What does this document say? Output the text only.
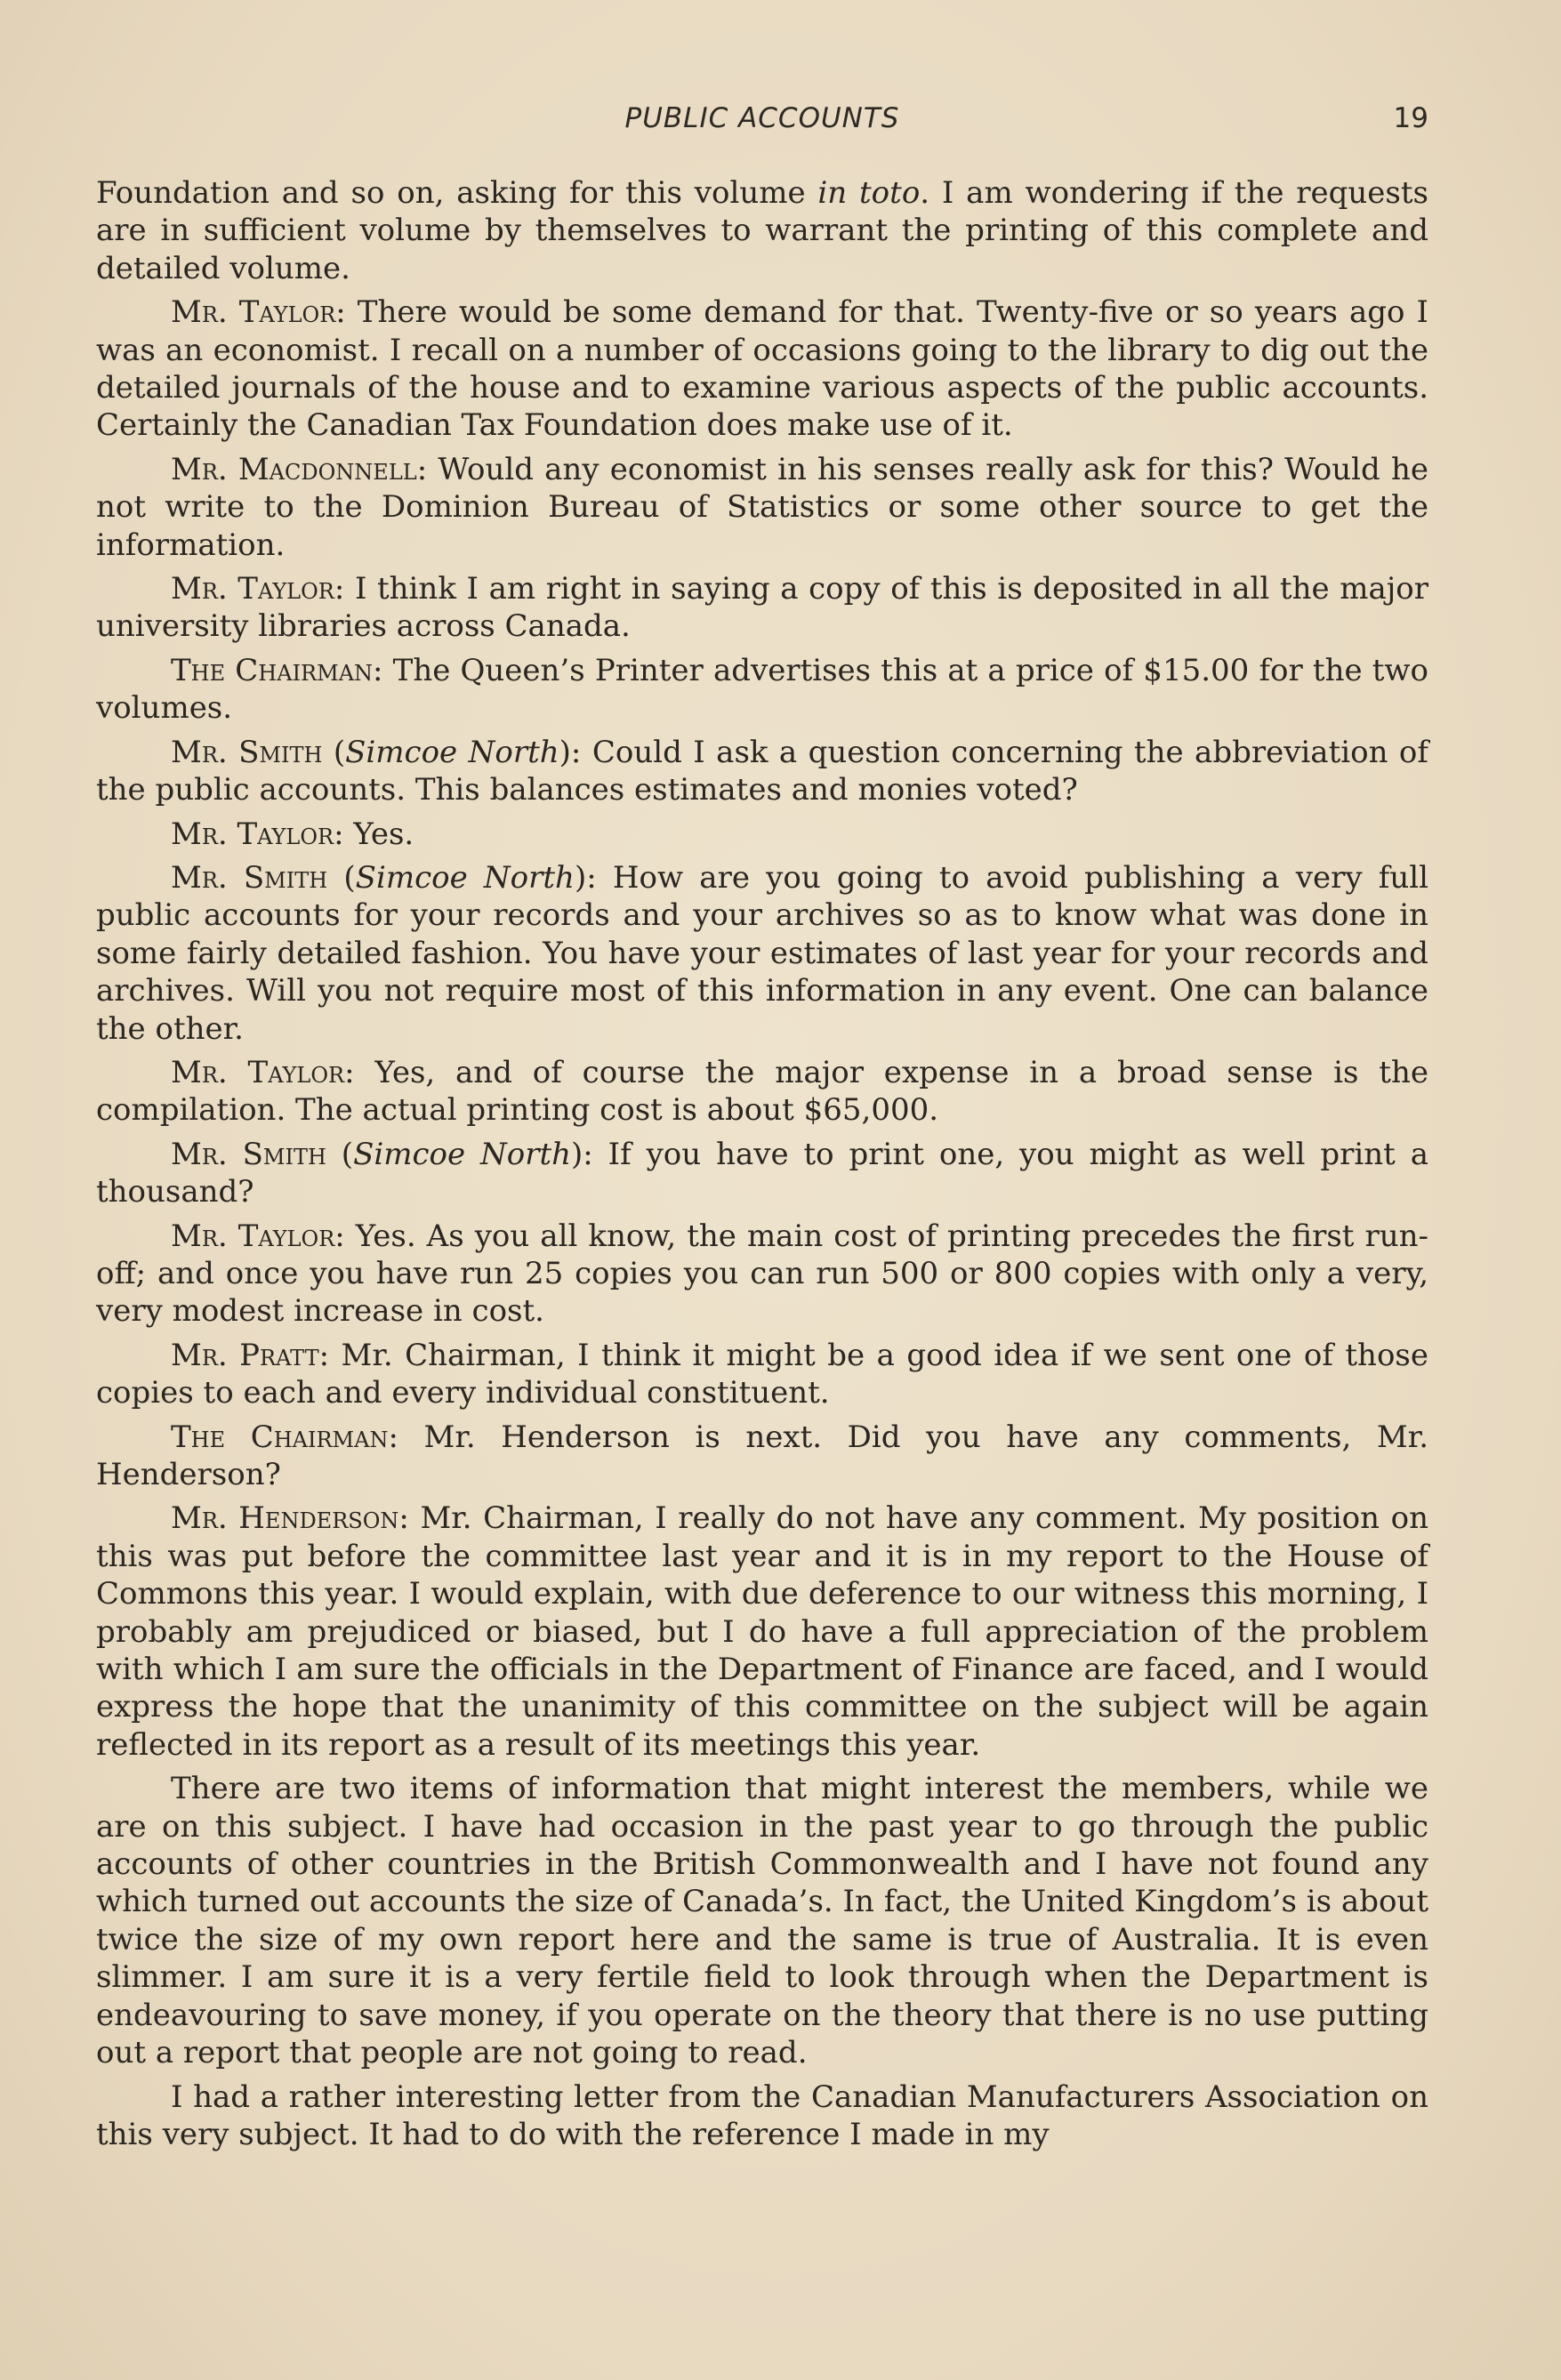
PUBLIC ACCOUNTS	19

Foundation and so on, asking for this volume in toto. I am wondering if the requests are in sufficient volume by themselves to warrant the printing of this complete and detailed volume.

Mr. Taylor: There would be some demand for that. Twenty-five or so years ago I was an economist. I recall on a number of occasions going to the library to dig out the detailed journals of the house and to examine various aspects of the public accounts. Certainly the Canadian Tax Foundation does make use of it.

Mr. Macdonnell: Would any economist in his senses really ask for this? Would he not write to the Dominion Bureau of Statistics or some other source to get the information.

Mr. Taylor: I think I am right in saying a copy of this is deposited in all the major university libraries across Canada.

The Chairman: The Queen’s Printer advertises this at a price of $15.00 for the two volumes.

Mr. Smith (Simcoe North): Could I ask a question concerning the abbreviation of the public accounts. This balances estimates and monies voted?

Mr. Taylor: Yes.

Mr. Smith (Simcoe North): How are you going to avoid publishing a very full public accounts for your records and your archives so as to know what was done in some fairly detailed fashion. You have your estimates of last year for your records and archives. Will you not require most of this information in any event. One can balance the other.

Mr. Taylor: Yes, and of course the major expense in a broad sense is the compilation. The actual printing cost is about $65,000.

Mr. Smith (Simcoe North): If you have to print one, you might as well print a thousand?

Mr. Taylor: Yes. As you all know, the main cost of printing precedes the first run-off; and once you have run 25 copies you can run 500 or 800 copies with only a very, very modest increase in cost.

Mr. Pratt: Mr. Chairman, I think it might be a good idea if we sent one of those copies to each and every individual constituent.

The Chairman: Mr. Henderson is next. Did you have any comments, Mr. Henderson?

Mr. Henderson: Mr. Chairman, I really do not have any comment. My position on this was put before the committee last year and it is in my report to the House of Commons this year. I would explain, with due deference to our witness this morning, I probably am prejudiced or biased, but I do have a full appreciation of the problem with which I am sure the officials in the Department of Finance are faced, and I would express the hope that the unanimity of this committee on the subject will be again reflected in its report as a result of its meetings this year.

There are two items of information that might interest the members, while we are on this subject. I have had occasion in the past year to go through the public accounts of other countries in the British Commonwealth and I have not found any which turned out accounts the size of Canada’s. In fact, the United Kingdom’s is about twice the size of my own report here and the same is true of Australia. It is even slimmer. I am sure it is a very fertile field to look through when the Department is endeavouring to save money, if you operate on the theory that there is no use putting out a report that people are not going to read.

I had a rather interesting letter from the Canadian Manufacturers Association on this very subject. It had to do with the reference I made in my
